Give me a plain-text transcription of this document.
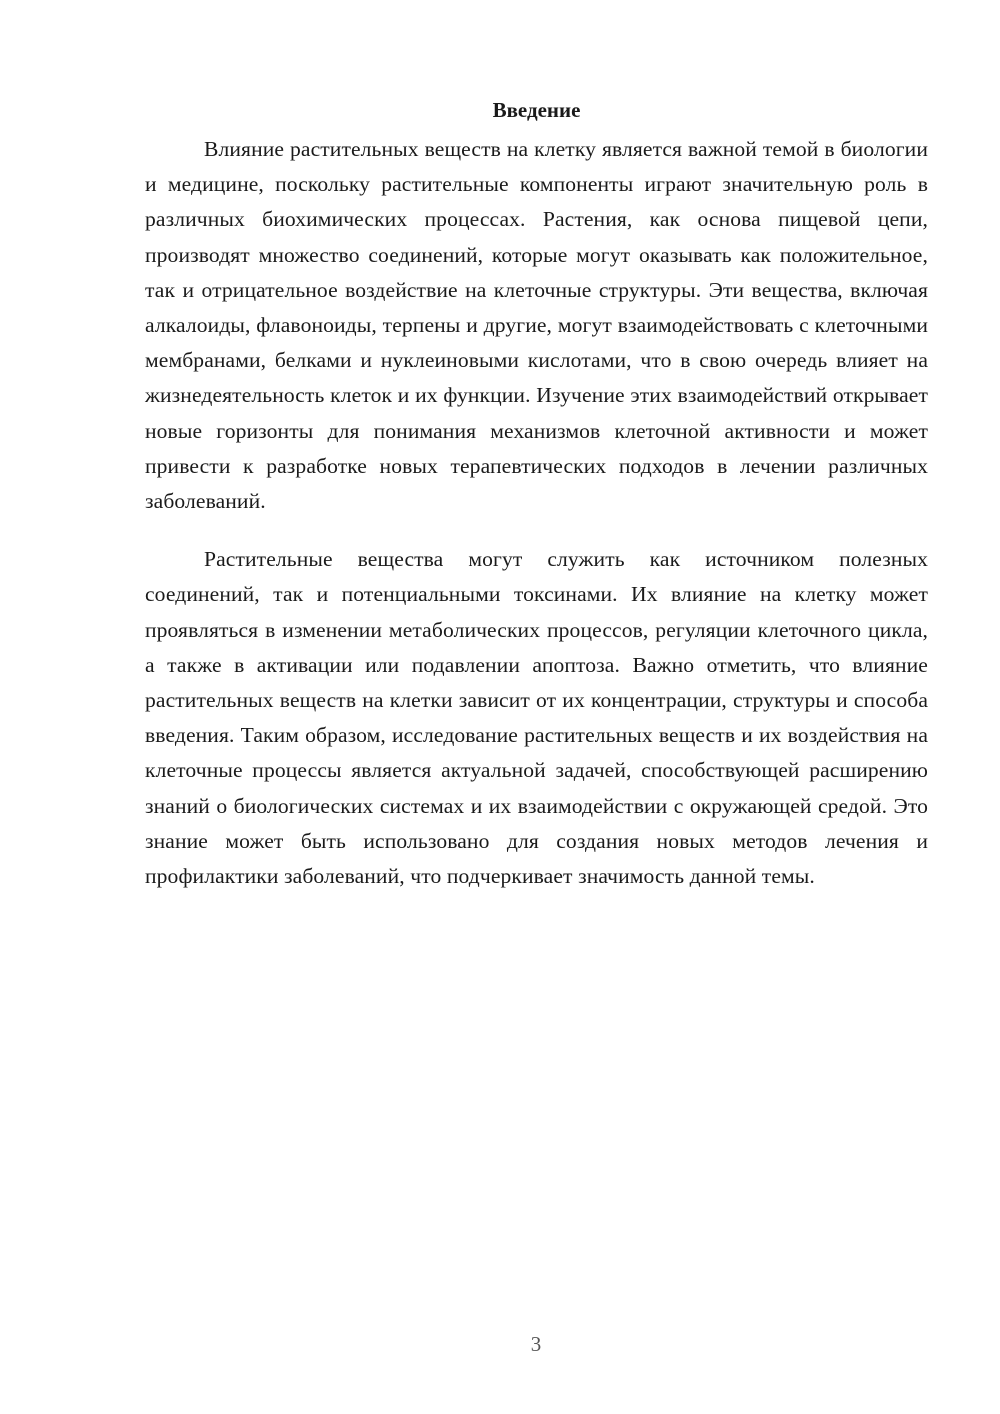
Введение

Влияние растительных веществ на клетку является важной темой в биологии и медицине, поскольку растительные компоненты играют значительную роль в различных биохимических процессах. Растения, как основа пищевой цепи, производят множество соединений, которые могут оказывать как положительное, так и отрицательное воздействие на клеточные структуры. Эти вещества, включая алкалоиды, флавоноиды, терпены и другие, могут взаимодействовать с клеточными мембранами, белками и нуклеиновыми кислотами, что в свою очередь влияет на жизнедеятельность клеток и их функции. Изучение этих взаимодействий открывает новые горизонты для понимания механизмов клеточной активности и может привести к разработке новых терапевтических подходов в лечении различных заболеваний.

Растительные вещества могут служить как источником полезных соединений, так и потенциальными токсинами. Их влияние на клетку может проявляться в изменении метаболических процессов, регуляции клеточного цикла, а также в активации или подавлении апоптоза. Важно отметить, что влияние растительных веществ на клетки зависит от их концентрации, структуры и способа введения. Таким образом, исследование растительных веществ и их воздействия на клеточные процессы является актуальной задачей, способствующей расширению знаний о биологических системах и их взаимодействии с окружающей средой. Это знание может быть использовано для создания новых методов лечения и профилактики заболеваний, что подчеркивает значимость данной темы.

3
